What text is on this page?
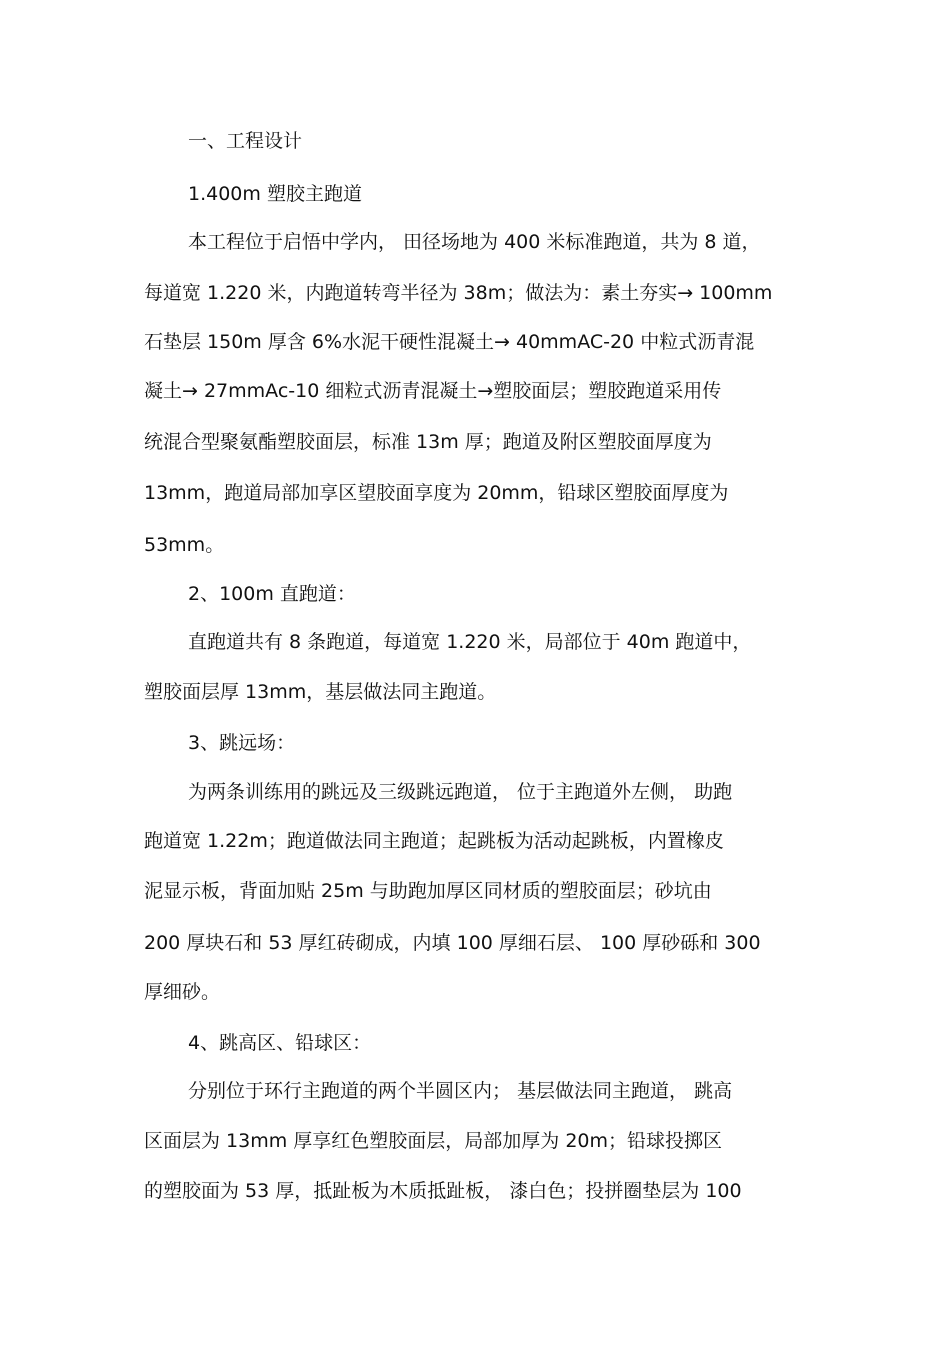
一、工程设计
1.400m 塑胶主跑道
本工程位于启悟中学内， 田径场地为 400 米标准跑道，共为 8 道，
每道宽 1.220 米，内跑道转弯半径为 38m；做法为：素土夯实→ 100mm
石垫层 150m 厚含 6%水泥干硬性混凝土→ 40mmAC-20 中粒式沥青混
凝土→ 27mmAc-10 细粒式沥青混凝土→塑胶面层；塑胶跑道采用传
统混合型聚氨酯塑胶面层，标准 13m 厚；跑道及附区塑胶面厚度为
13mm，跑道局部加享区望胶面享度为 20mm，铅球区塑胶面厚度为
53mm。
2、100m 直跑道：
直跑道共有 8 条跑道，每道宽 1.220 米，局部位于 40m 跑道中，
塑胶面层厚 13mm，基层做法同主跑道。
3、跳远场：
为两条训练用的跳远及三级跳远跑道， 位于主跑道外左侧， 助跑
跑道宽 1.22m；跑道做法同主跑道；起跳板为活动起跳板，内置橡皮
泥显示板，背面加贴 25m 与助跑加厚区同材质的塑胶面层；砂坑由
200 厚块石和 53 厚红砖砌成，内填 100 厚细石层、 100 厚砂砾和 300
厚细砂。
4、跳高区、铅球区：
分别位于环行主跑道的两个半圆区内； 基层做法同主跑道， 跳高
区面层为 13mm 厚享红色塑胶面层，局部加厚为 20m；铅球投掷区
的塑胶面为 53 厚，抵趾板为木质抵趾板， 漆白色；投拼圈垫层为 100
